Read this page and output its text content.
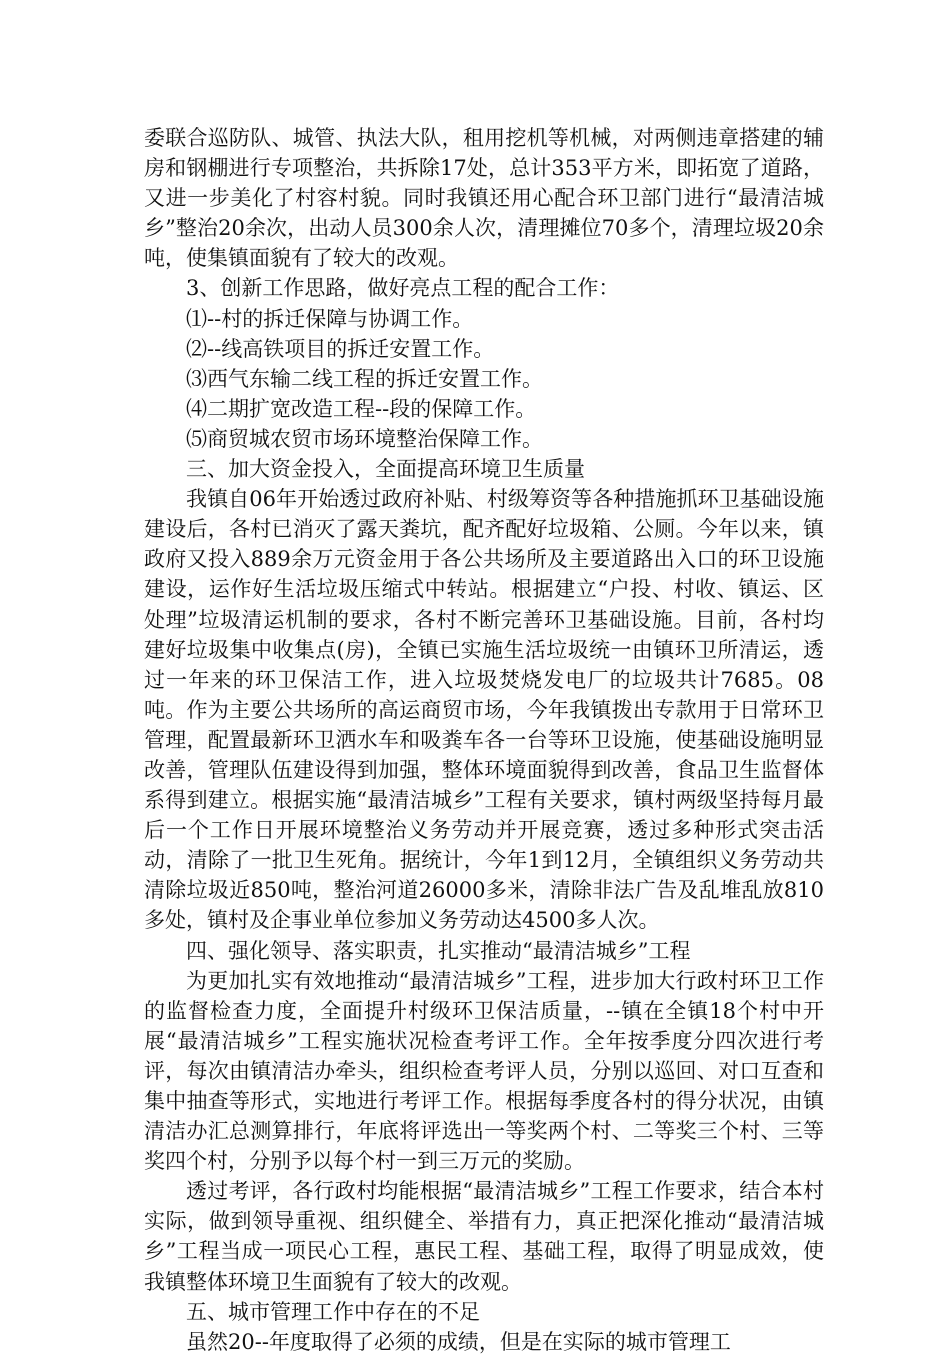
委联合巡防队、城管、执法大队，租用挖机等机械，对两侧违章搭建的辅房和钢棚进行专项整治，共拆除17处，总计353平方米，即拓宽了道路，又进一步美化了村容村貌。同时我镇还用心配合环卫部门进行“最清洁城乡”整治20余次，出动人员300余人次，清理摊位70多个，清理垃圾20余吨，使集镇面貌有了较大的改观。

3、创新工作思路，做好亮点工程的配合工作：

⑴--村的拆迁保障与协调工作。

⑵--线高铁项目的拆迁安置工作。

⑶西气东输二线工程的拆迁安置工作。

⑷二期扩宽改造工程--段的保障工作。

⑸商贸城农贸市场环境整治保障工作。

三、加大资金投入，全面提高环境卫生质量

我镇自06年开始透过政府补贴、村级筹资等各种措施抓环卫基础设施建设后，各村已消灭了露天粪坑，配齐配好垃圾箱、公厕。今年以来，镇政府又投入889余万元资金用于各公共场所及主要道路出入口的环卫设施建设，运作好生活垃圾压缩式中转站。根据建立“户投、村收、镇运、区处理”垃圾清运机制的要求，各村不断完善环卫基础设施。目前，各村均建好垃圾集中收集点(房)，全镇已实施生活垃圾统一由镇环卫所清运，透过一年来的环卫保洁工作，进入垃圾焚烧发电厂的垃圾共计7685。08吨。作为主要公共场所的高运商贸市场，今年我镇拨出专款用于日常环卫管理，配置最新环卫洒水车和吸粪车各一台等环卫设施，使基础设施明显改善，管理队伍建设得到加强，整体环境面貌得到改善，食品卫生监督体系得到建立。根据实施“最清洁城乡”工程有关要求，镇村两级坚持每月最后一个工作日开展环境整治义务劳动并开展竞赛，透过多种形式突击活动，清除了一批卫生死角。据统计，今年1到12月，全镇组织义务劳动共清除垃圾近850吨，整治河道26000多米，清除非法广告及乱堆乱放810多处，镇村及企事业单位参加义务劳动达4500多人次。

四、强化领导、落实职责，扎实推动“最清洁城乡”工程

为更加扎实有效地推动“最清洁城乡”工程，进步加大行政村环卫工作的监督检查力度，全面提升村级环卫保洁质量，--镇在全镇18个村中开展“最清洁城乡”工程实施状况检查考评工作。全年按季度分四次进行考评，每次由镇清洁办牵头，组织检查考评人员，分别以巡回、对口互查和集中抽查等形式，实地进行考评工作。根据每季度各村的得分状况，由镇清洁办汇总测算排行，年底将评选出一等奖两个村、二等奖三个村、三等奖四个村，分别予以每个村一到三万元的奖励。

透过考评，各行政村均能根据“最清洁城乡”工程工作要求，结合本村实际，做到领导重视、组织健全、举措有力，真正把深化推动“最清洁城乡”工程当成一项民心工程，惠民工程、基础工程，取得了明显成效，使我镇整体环境卫生面貌有了较大的改观。

五、城市管理工作中存在的不足

虽然20--年度取得了必须的成绩，但是在实际的城市管理工
